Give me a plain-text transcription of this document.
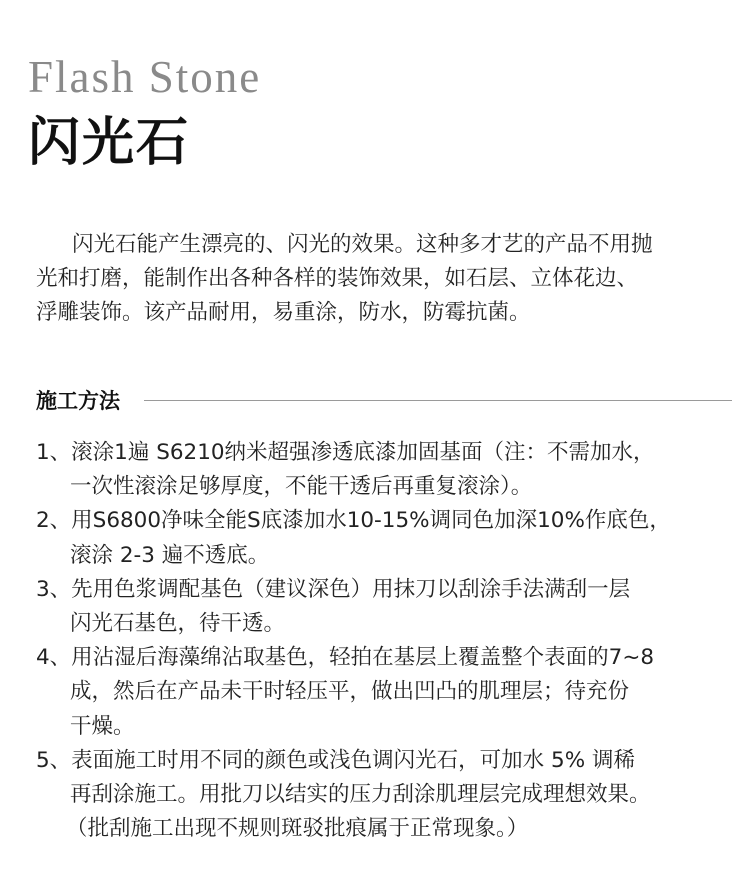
Flash Stone
闪光石

闪光石能产生漂亮的、闪光的效果。这种多才艺的产品不用抛

光和打磨，能制作出各种各样的装饰效果，如石层、立体花边、

浮雕装饰。该产品耐用，易重涂，防水，防霉抗菌。

施工方法

1、滚涂1遍 S6210纳米超强渗透底漆加固基面（注：不需加水，

一次性滚涂足够厚度，不能干透后再重复滚涂）。

2、用S6800净味全能S底漆加水10-15%调同色加深10%作底色，

滚涂 2-3 遍不透底。

3、先用色浆调配基色（建议深色）用抹刀以刮涂手法满刮一层

闪光石基色，待干透。

4、用沾湿后海藻绵沾取基色，轻拍在基层上覆盖整个表面的7~8

成，然后在产品未干时轻压平，做出凹凸的肌理层；待充份

干燥。

5、表面施工时用不同的颜色或浅色调闪光石，可加水 5% 调稀

再刮涂施工。用批刀以结实的压力刮涂肌理层完成理想效果。

（批刮施工出现不规则斑驳批痕属于正常现象。）
